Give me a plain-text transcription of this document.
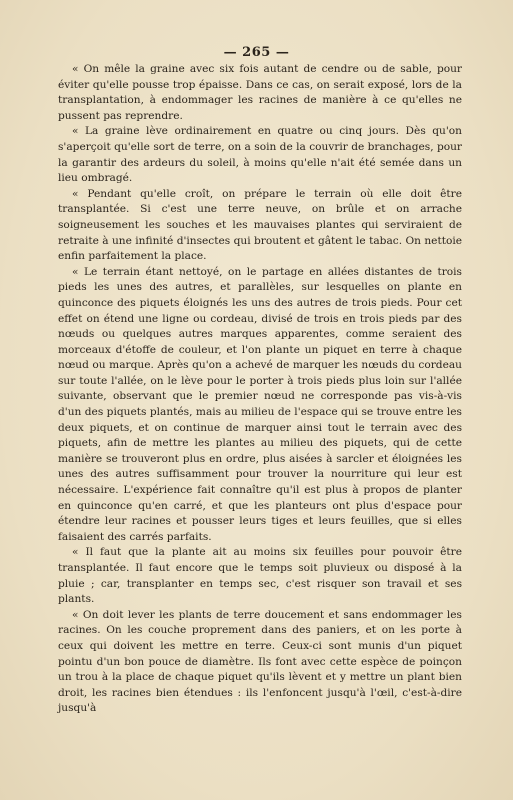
— 265 —

« On mêle la graine avec six fois autant de cendre ou de sable, pour éviter qu'elle pousse trop épaisse. Dans ce cas, on serait exposé, lors de la transplantation, à endommager les racines de manière à ce qu'elles ne pussent pas reprendre.

« La graine lève ordinairement en quatre ou cinq jours. Dès qu'on s'aperçoit qu'elle sort de terre, on a soin de la couvrir de branchages, pour la garantir des ardeurs du soleil, à moins qu'elle n'ait été semée dans un lieu ombragé.

« Pendant qu'elle croît, on prépare le terrain où elle doit être transplantée. Si c'est une terre neuve, on brûle et on arrache soigneusement les souches et les mauvaises plantes qui serviraient de retraite à une infinité d'insectes qui broutent et gâtent le tabac. On nettoie enfin parfaitement la place.

« Le terrain étant nettoyé, on le partage en allées distantes de trois pieds les unes des autres, et parallèles, sur lesquelles on plante en quinconce des piquets éloignés les uns des autres de trois pieds. Pour cet effet on étend une ligne ou cordeau, divisé de trois en trois pieds par des nœuds ou quelques autres marques apparentes, comme seraient des morceaux d'étoffe de couleur, et l'on plante un piquet en terre à chaque nœud ou marque. Après qu'on a achevé de marquer les nœuds du cordeau sur toute l'allée, on le lève pour le porter à trois pieds plus loin sur l'allée suivante, observant que le premier nœud ne corresponde pas vis-à-vis d'un des piquets plantés, mais au milieu de l'espace qui se trouve entre les deux piquets, et on continue de marquer ainsi tout le terrain avec des piquets, afin de mettre les plantes au milieu des piquets, qui de cette manière se trouveront plus en ordre, plus aisées à sarcler et éloignées les unes des autres suffisamment pour trouver la nourriture qui leur est nécessaire. L'expérience fait connaître qu'il est plus à propos de planter en quinconce qu'en carré, et que les planteurs ont plus d'espace pour étendre leur racines et pousser leurs tiges et leurs feuilles, que si elles faisaient des carrés parfaits.

« Il faut que la plante ait au moins six feuilles pour pouvoir être transplantée. Il faut encore que le temps soit pluvieux ou disposé à la pluie ; car, transplanter en temps sec, c'est risquer son travail et ses plants.

« On doit lever les plants de terre doucement et sans endommager les racines. On les couche proprement dans des paniers, et on les porte à ceux qui doivent les mettre en terre. Ceux-ci sont munis d'un piquet pointu d'un bon pouce de diamètre. Ils font avec cette espèce de poinçon un trou à la place de chaque piquet qu'ils lèvent et y mettre un plant bien droit, les racines bien étendues : ils l'enfoncent jusqu'à l'œil, c'est-à-dire jusqu'à
